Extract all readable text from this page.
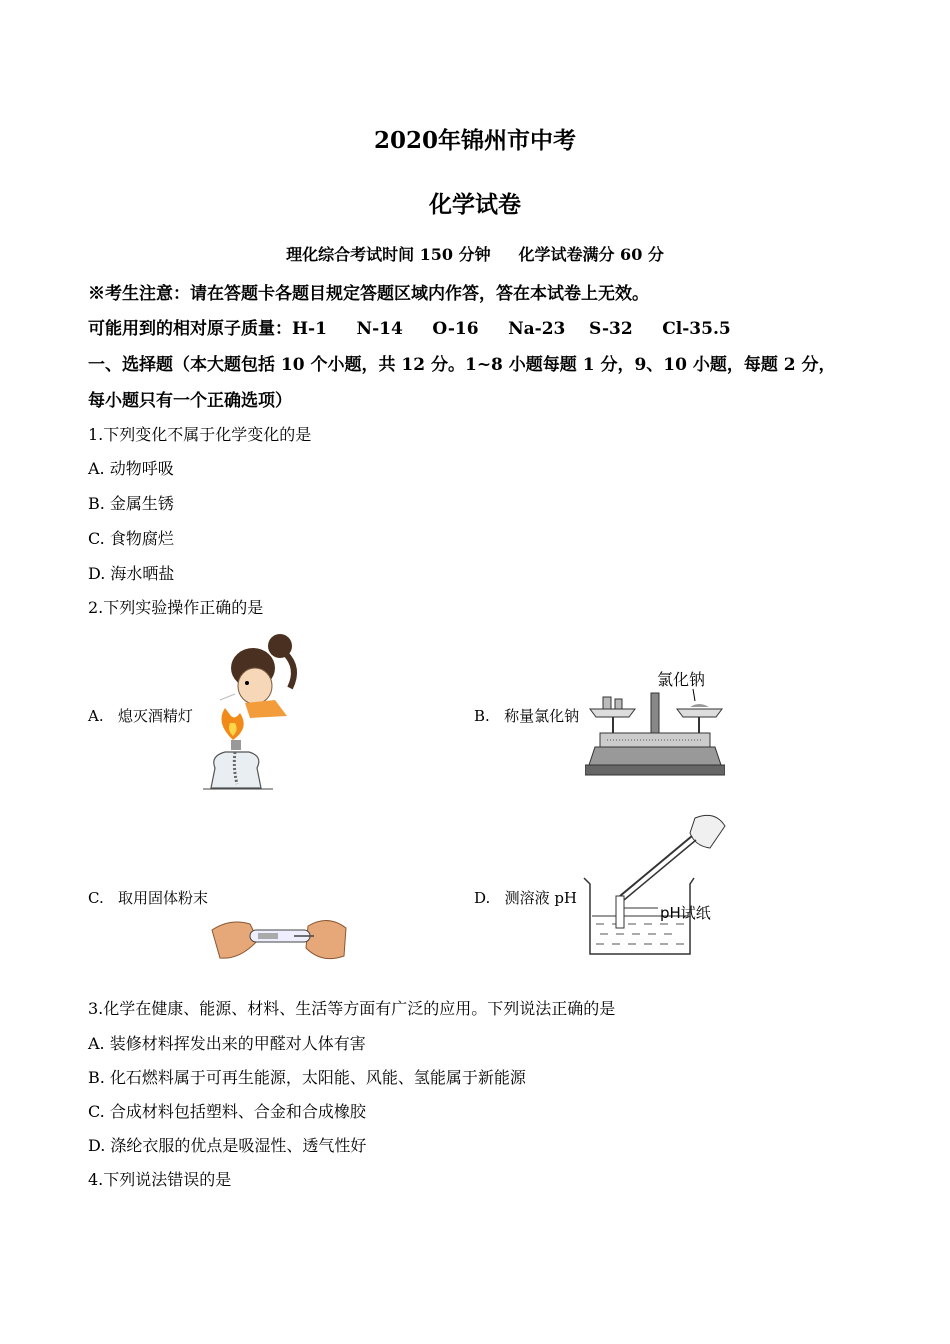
2020年锦州市中考
化学试卷
理化综合考试时间 150 分钟     化学试卷满分 60 分
※考生注意：请在答题卡各题目规定答题区域内作答，答在本试卷上无效。
可能用到的相对原子质量：H-1     N-14     O-16     Na-23    S-32     Cl-35.5
一、选择题（本大题包括 10 个小题，共 12 分。1~8 小题每题 1 分，9、10 小题，每题 2 分，
每小题只有一个正确选项）
1.下列变化不属于化学变化的是
A. 动物呼吸
B. 金属生锈
C. 食物腐烂
D. 海水晒盐
2.下列实验操作正确的是
A.   熄灭酒精灯	B.   称量氯化钠
C.   取用固体粉末	D.   测溶液 pH
氯化钠
pH试纸
3.化学在健康、能源、材料、生活等方面有广泛的应用。下列说法正确的是
A. 装修材料挥发出来的甲醛对人体有害
B. 化石燃料属于可再生能源，太阳能、风能、氢能属于新能源
C. 合成材料包括塑料、合金和合成橡胶
D. 涤纶衣服的优点是吸湿性、透气性好
4.下列说法错误的是
